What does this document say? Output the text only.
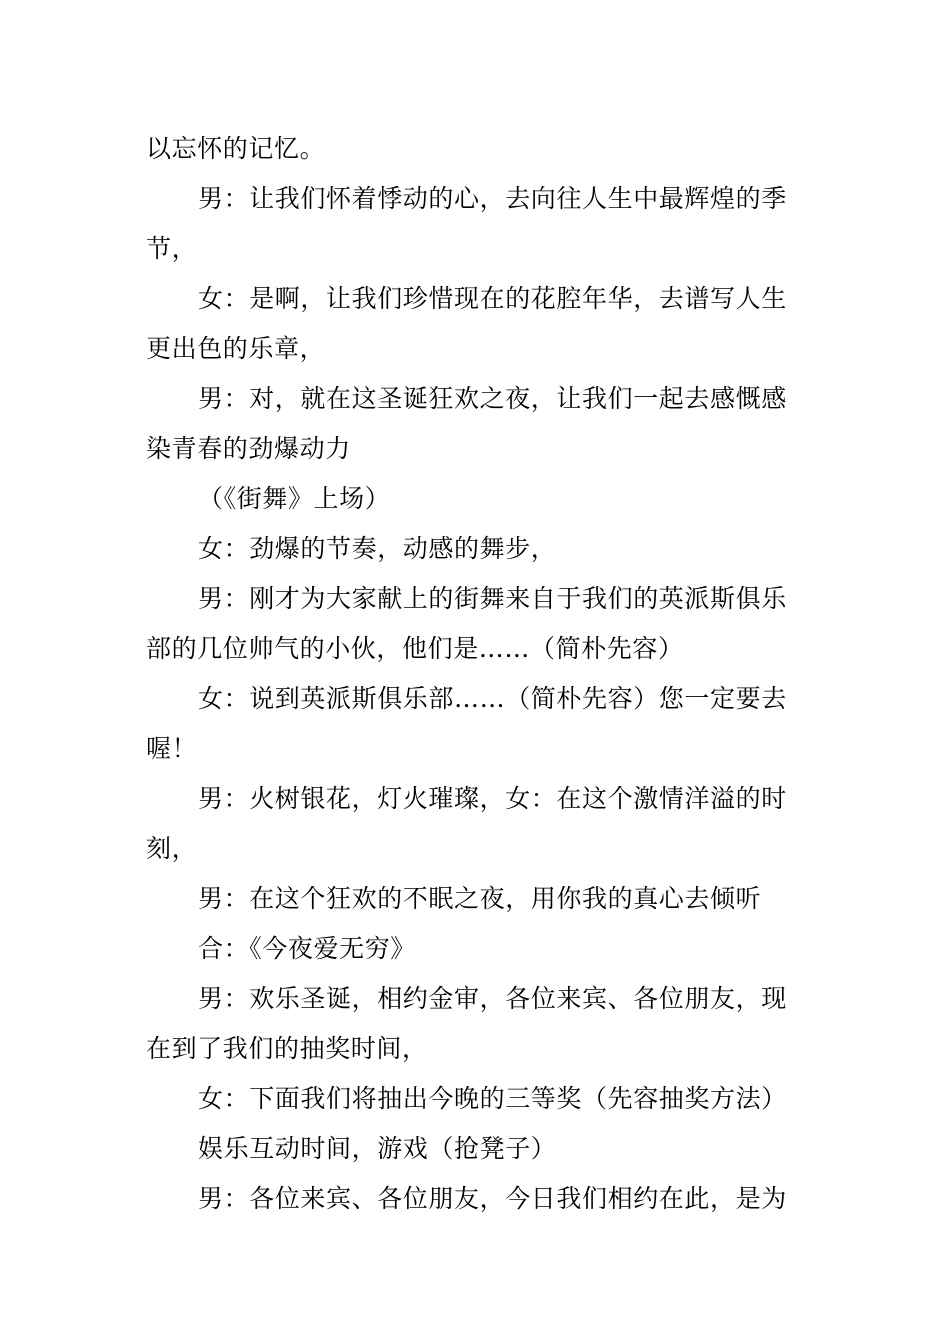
以忘怀的记忆。
男：让我们怀着悸动的心，去向往人生中最辉煌的季
节，
女：是啊，让我们珍惜现在的花腔年华，去谱写人生
更出色的乐章，
男：对，就在这圣诞狂欢之夜，让我们一起去感慨感
染青春的劲爆动力
（《街舞》上场）
女：劲爆的节奏，动感的舞步，
男：刚才为大家献上的街舞来自于我们的英派斯俱乐
部的几位帅气的小伙，他们是……（简朴先容）
女：说到英派斯俱乐部……（简朴先容）您一定要去
喔！
男：火树银花，灯火璀璨，女：在这个激情洋溢的时
刻，
男：在这个狂欢的不眠之夜，用你我的真心去倾听
合：《今夜爱无穷》
男：欢乐圣诞，相约金审，各位来宾、各位朋友，现
在到了我们的抽奖时间，
女：下面我们将抽出今晚的三等奖（先容抽奖方法）
娱乐互动时间，游戏（抢凳子）
男：各位来宾、各位朋友，今日我们相约在此，是为
